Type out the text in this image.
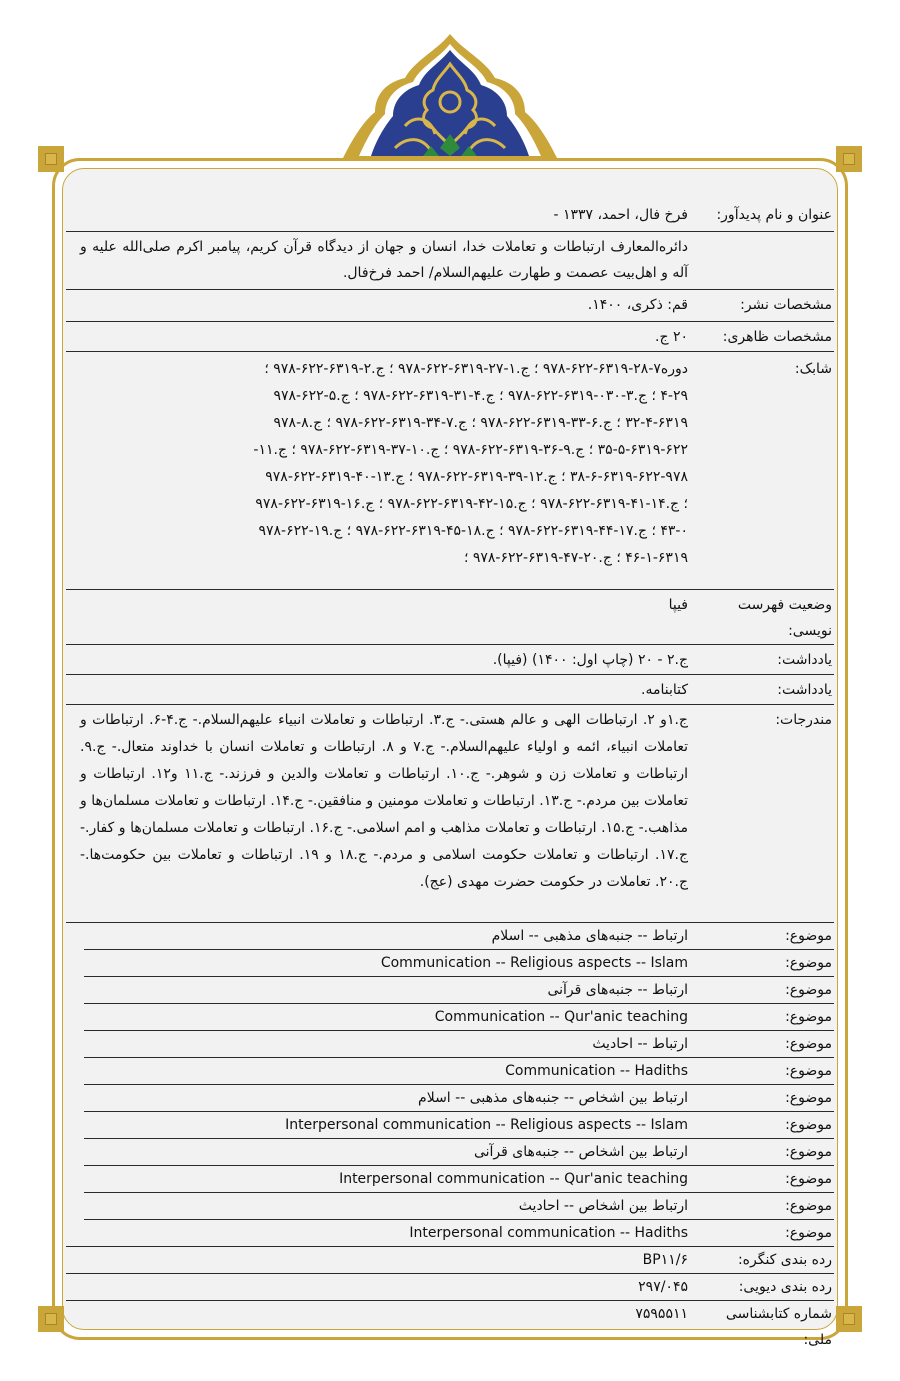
عنوان و نام پدیدآور:
فرخ فال، احمد، ۱۳۳۷ -
دائره‌المعارف ارتباطات و تعاملات خدا، انسان و جهان از دیدگاه قرآن کریم، پیامبر اکرم صلی‌الله علیه و آله و اهل‌بیت عصمت و طهارت علیهم‌السلام/ احمد فرخ‌فال.
مشخصات نشر:
قم: ذکری، ۱۴۰۰.
مشخصات ظاهری:
۲۰ ج.
شابک:
دوره۷-۲۸-۶۳۱۹-۶۲۲-۹۷۸ ؛ ج.۱-۲۷-۶۳۱۹-۶۲۲-۹۷۸ ؛ ج.۲-۶۳۱۹-۶۲۲-۹۷۸ ؛
۴-۲۹ ؛ ج.۳-۰۳۰-۶۳۱۹-۶۲۲-۹۷۸ ؛ ج.۴-۳۱-۶۳۱۹-۶۲۲-۹۷۸ ؛ ج.۵-۶۲۲-۹۷۸
۳۲-۴-۶۳۱۹ ؛ ج.۶-۳۳-۶۳۱۹-۶۲۲-۹۷۸ ؛ ج.۷-۳۴-۶۳۱۹-۶۲۲-۹۷۸ ؛ ج.۸-۹۷۸
۳۵-۵-۶۳۱۹-۶۲۲ ؛ ج.۹-۳۶-۶۳۱۹-۶۲۲-۹۷۸ ؛ ج.۱۰-۳۷-۶۳۱۹-۶۲۲-۹۷۸ ؛ ج.۱۱-
۳۸-۶-۶۳۱۹-۶۲۲-۹۷۸ ؛ ج.۱۲-۳۹-۶۳۱۹-۶۲۲-۹۷۸ ؛ ج.۱۳-۴۰-۶۳۱۹-۶۲۲-۹۷۸
؛ ج.۱۴-۴۱-۶۳۱۹-۶۲۲-۹۷۸ ؛ ج.۱۵-۴۲-۶۳۱۹-۶۲۲-۹۷۸ ؛ ج.۱۶-۶۳۱۹-۶۲۲-۹۷۸
۴۳-۰ ؛ ج.۱۷-۴۴-۶۳۱۹-۶۲۲-۹۷۸ ؛ ج.۱۸-۴۵-۶۳۱۹-۶۲۲-۹۷۸ ؛ ج.۱۹-۶۲۲-۹۷۸
۴۶-۱-۶۳۱۹ ؛ ج.۲۰-۴۷-۶۳۱۹-۶۲۲-۹۷۸ ؛
وضعیت فهرست نویسی:
فیپا
یادداشت:
ج.۲ - ۲۰ (چاپ اول: ۱۴۰۰) (فیپا).
یادداشت:
کتابنامه.
مندرجات:
ج.۱و ۲. ارتباطات الهی و عالم هستی.- ج.۳. ارتباطات و تعاملات انبیاء علیهم‌السلام.- ج.۴-۶. ارتباطات و تعاملات انبیاء، ائمه و اولیاء علیهم‌السلام.- ج.۷ و ۸. ارتباطات و تعاملات انسان با خداوند متعال.- ج.۹. ارتباطات و تعاملات زن و شوهر.- ج.۱۰. ارتباطات و تعاملات والدین و فرزند.- ج.۱۱ و۱۲. ارتباطات و تعاملات بین مردم.- ج.۱۳. ارتباطات و تعاملات مومنین و منافقین.- ج.۱۴. ارتباطات و تعاملات مسلمان‌ها و مذاهب.- ج.۱۵. ارتباطات و تعاملات مذاهب و امم اسلامی.- ج.۱۶. ارتباطات و تعاملات مسلمان‌ها و کفار.- ج.۱۷. ارتباطات و تعاملات حکومت اسلامی و مردم.- ج.۱۸ و ۱۹. ارتباطات و تعاملات بین حکومت‌ها.- ج.۲۰. تعاملات در حکومت حضرت مهدی (عج).
موضوع:
ارتباط -- جنبه‌های مذهبی -- اسلام
موضوع:
Communication -- Religious aspects -- Islam
موضوع:
ارتباط -- جنبه‌های قرآنی
موضوع:
Communication -- Qur'anic teaching
موضوع:
ارتباط -- احادیث
موضوع:
Communication -- Hadiths
موضوع:
ارتباط بین اشخاص -- جنبه‌های مذهبی -- اسلام
موضوع:
Interpersonal communication -- Religious aspects -- Islam
موضوع:
ارتباط بین اشخاص -- جنبه‌های قرآنی
موضوع:
Interpersonal communication -- Qur'anic teaching
موضوع:
ارتباط بین اشخاص -- احادیث
موضوع:
Interpersonal communication -- Hadiths
رده بندی کنگره:
BP۱۱/۶
رده بندی دیویی:
۲۹۷/۰۴۵
شماره کتابشناسی ملی:
۷۵۹۵۵۱۱
